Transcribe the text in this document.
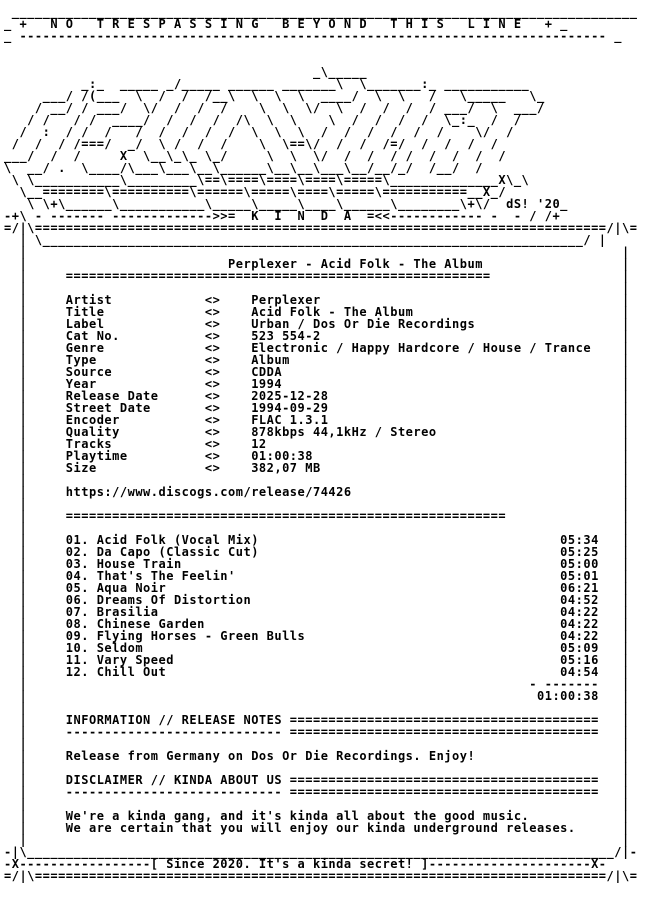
_________________________________________________________________________________
_ +   N O   T R E S P A S S I N G   B E Y O N D   T H I S   L I N E   + _
_ ---------------------------------------------------------------------------- _
_\_____
_:_  _____ _/_____ ______ _______\  \_______:_ ___________
___/ /(___  \  /  /  /__\  \  \  \  ____/  \  \   /   \_____   \_
/ __/ / ___/  \/  /  /  /    \  \  \/  \  /  /  /  / ___/  \  ___/
/ /   / /  ____/  /  /  /  /\  \  \    \  /  /  /  /  \_:_  /  /
/  :  / /  /   /  /  /  /  /  \  \  \  /  /  /  /  /  /    \/  /
/  /  / /===/  _/  \ /  /  /    \  \==\/  /  /  /=/  /  /  /  /
___/  /  /     X  \__\_\_ \_/     \  \  \/  /  /  / /  /  /  /  /
\  __/ .  \____/\___\___\__\______\__\__\___\__/__/_/  /__/  /
\ \___________\_________\==\====\====\====\=====\______________X\_\
\__========\==========\======\=====\====\=====\===========__X_/
\ \+\______\___________\_____\_____\____\______\________\+\/  dS! '20_
-+\ - ------- ------------->>=  K  I  N  D  A  =<<------------ -  - / /+
=/|\==========================================================================/|\=
| \______________________________________________________________________/ |
|                                                                             |
|                          Perplexer - Acid Folk - The Album                  |
|     =======================================================                 |
|                                                                             |
|     Artist            <>    Perplexer                                       |
|     Title             <>    Acid Folk - The Album                           |
|     Label             <>    Urban / Dos Or Die Recordings                   |
|     Cat No.           <>    523 554-2                                       |
|     Genre             <>    Electronic / Happy Hardcore / House / Trance    |
|     Type              <>    Album                                           |
|     Source            <>    CDDA                                            |
|     Year              <>    1994                                            |
|     Release Date      <>    2025-12-28                                      |
|     Street Date       <>    1994-09-29                                      |
|     Encoder           <>    FLAC 1.3.1                                      |
|     Quality           <>    878kbps 44,1kHz / Stereo                        |
|     Tracks            <>    12                                              |
|     Playtime          <>    01:00:38                                        |
|     Size              <>    382,07 MB                                       |
|                                                                             |
|     https://www.discogs.com/release/74426                                   |
|                                                                             |
|     =========================================================               |
|                                                                             |
|     01. Acid Folk (Vocal Mix)                                       05:34   |
|     02. Da Capo (Classic Cut)                                       05:25   |
|     03. House Train                                                 05:00   |
|     04. That's The Feelin'                                          05:01   |
|     05. Aqua Noir                                                   06:21   |
|     06. Dreams Of Distortion                                        04:52   |
|     07. Brasilia                                                    04:22   |
|     08. Chinese Garden                                              04:22   |
|     09. Flying Horses - Green Bulls                                 04:22   |
|     10. Seldom                                                      05:09   |
|     11. Vary Speed                                                  05:16   |
|     12. Chill Out                                                   04:54   |
|                                                                 - -------   |
|                                                                  01:00:38   |
|                                                                             |
|     INFORMATION // RELEASE NOTES ========================================   |
|     ---------------------------- ========================================   |
|                                                                             |
|     Release from Germany on Dos Or Die Recordings. Enjoy!                   |
|                                                                             |
|     DISCLAIMER // KINDA ABOUT US ========================================   |
|     ---------------------------- ========================================   |
|                                                                             |
|     We're a kinda gang, and it's kinda all about the good music.            |
|     We are certain that you will enjoy our kinda underground releases.      |
|                                                                             |
-|\____________________________________________________________________________/|-
-X-----------------[ Since 2020. It's a kinda secret! ]---------------------X-
=/|\==========================================================================/|\=
